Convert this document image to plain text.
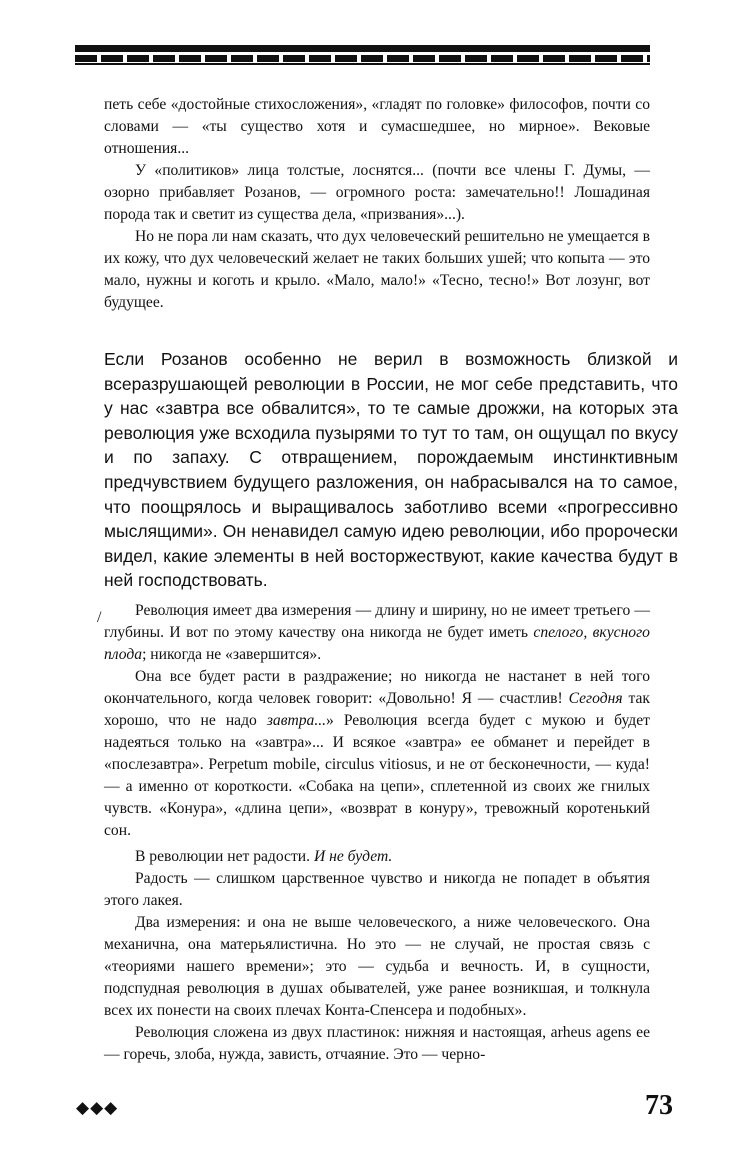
петь себе «достойные стихосложения», «гладят по головке» философов, почти со словами — «ты существо хотя и сумасшедшее, но мирное». Вековые отношения...

У «политиков» лица толстые, лоснятся... (почти все члены Г. Думы, — озорно прибавляет Розанов, — огромного роста: замечательно!! Лошадиная порода так и светит из существа дела, «призвания»...).

Но не пора ли нам сказать, что дух человеческий решительно не умещается в их кожу, что дух человеческий желает не таких больших ушей; что копыта — это мало, нужны и коготь и крыло. «Мало, мало!» «Тесно, тесно!» Вот лозунг, вот будущее.

Если Розанов особенно не верил в возможность близкой и всеразрушающей революции в России, не мог себе представить, что у нас «завтра все обвалится», то те самые дрожжи, на которых эта революция уже всходила пузырями то тут то там, он ощущал по вкусу и по запаху. С отвращением, порождаемым инстинктивным предчувствием будущего разложения, он набрасывался на то самое, что поощрялось и выращивалось заботливо всеми «прогрессивно мыслящими». Он ненавидел самую идею революции, ибо пророчески видел, какие элементы в ней восторжествуют, какие качества будут в ней господствовать.

/	Революция имеет два измерения — длину и ширину, но не имеет третьего — глубины. И вот по этому качеству она никогда не будет иметь спелого, вкусного плода; никогда не «завершится».

Она все будет расти в раздражение; но никогда не настанет в ней того окончательного, когда человек говорит: «Довольно! Я — счастлив! Сегодня так хорошо, что не надо завтра...» Революция всегда будет с мукою и будет надеяться только на «завтра»... И всякое «завтра» ее обманет и перейдет в «послезавтра». Perpetum mobile, circulus vitiosus, и не от бесконечности, — куда! — а именно от короткости. «Собака на цепи», сплетенной из своих же гнилых чувств. «Конура», «длина цепи», «возврат в конуру», тревожный коротенький сон.

В революции нет радости. И не будет.

Радость — слишком царственное чувство и никогда не попадет в объятия этого лакея.

Два измерения: и она не выше человеческого, а ниже человеческого. Она механична, она матерьялистична. Но это — не случай, не простая связь с «теориями нашего времени»; это — судьба и вечность. И, в сущности, подспудная революция в душах обывателей, уже ранее возникшая, и толкнула всех их понести на своих плечах Конта-Спенсера и подобных».

Революция сложена из двух пластинок: нижняя и настоящая, arheus agens ее — горечь, злоба, нужда, зависть, отчаяние. Это — черно-

◆◆◆	73
